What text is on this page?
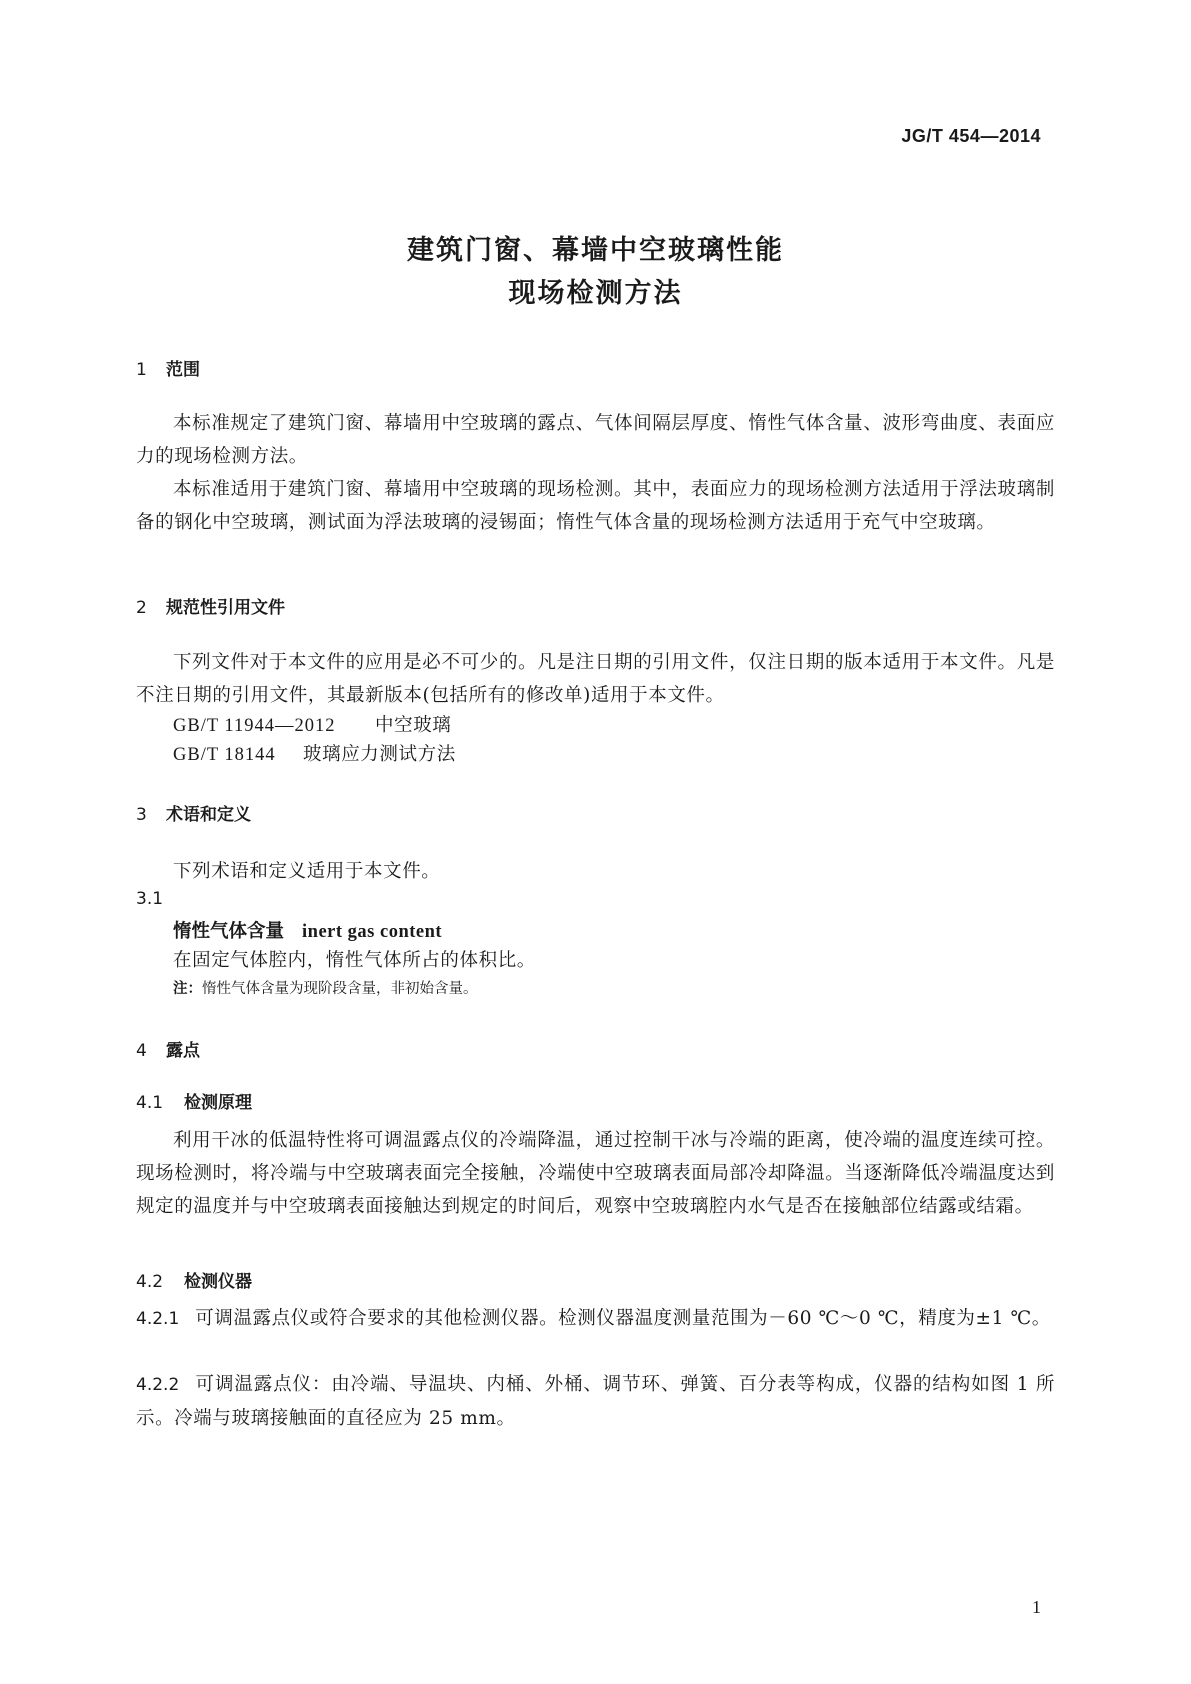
JG/T 454—2014
建筑门窗、幕墙中空玻璃性能
现场检测方法
1 范围
本标准规定了建筑门窗、幕墙用中空玻璃的露点、气体间隔层厚度、惰性气体含量、波形弯曲度、表面应力的现场检测方法。
本标准适用于建筑门窗、幕墙用中空玻璃的现场检测。其中，表面应力的现场检测方法适用于浮法玻璃制备的钢化中空玻璃，测试面为浮法玻璃的浸锡面；惰性气体含量的现场检测方法适用于充气中空玻璃。
2 规范性引用文件
下列文件对于本文件的应用是必不可少的。凡是注日期的引用文件，仅注日期的版本适用于本文件。凡是不注日期的引用文件，其最新版本(包括所有的修改单)适用于本文件。
GB/T 11944—2012 中空玻璃
GB/T 18144 玻璃应力测试方法
3 术语和定义
下列术语和定义适用于本文件。
3.1
惰性气体含量 inert gas content
在固定气体腔内，惰性气体所占的体积比。
注：惰性气体含量为现阶段含量，非初始含量。
4 露点
4.1 检测原理
利用干冰的低温特性将可调温露点仪的冷端降温，通过控制干冰与冷端的距离，使冷端的温度连续可控。现场检测时，将冷端与中空玻璃表面完全接触，冷端使中空玻璃表面局部冷却降温。当逐渐降低冷端温度达到规定的温度并与中空玻璃表面接触达到规定的时间后，观察中空玻璃腔内水气是否在接触部位结露或结霜。
4.2 检测仪器
4.2.1 可调温露点仪或符合要求的其他检测仪器。检测仪器温度测量范围为－60 ℃～0 ℃，精度为±1 ℃。
4.2.2 可调温露点仪：由冷端、导温块、内桶、外桶、调节环、弹簧、百分表等构成，仪器的结构如图 1 所示。冷端与玻璃接触面的直径应为 25 mm。
1
